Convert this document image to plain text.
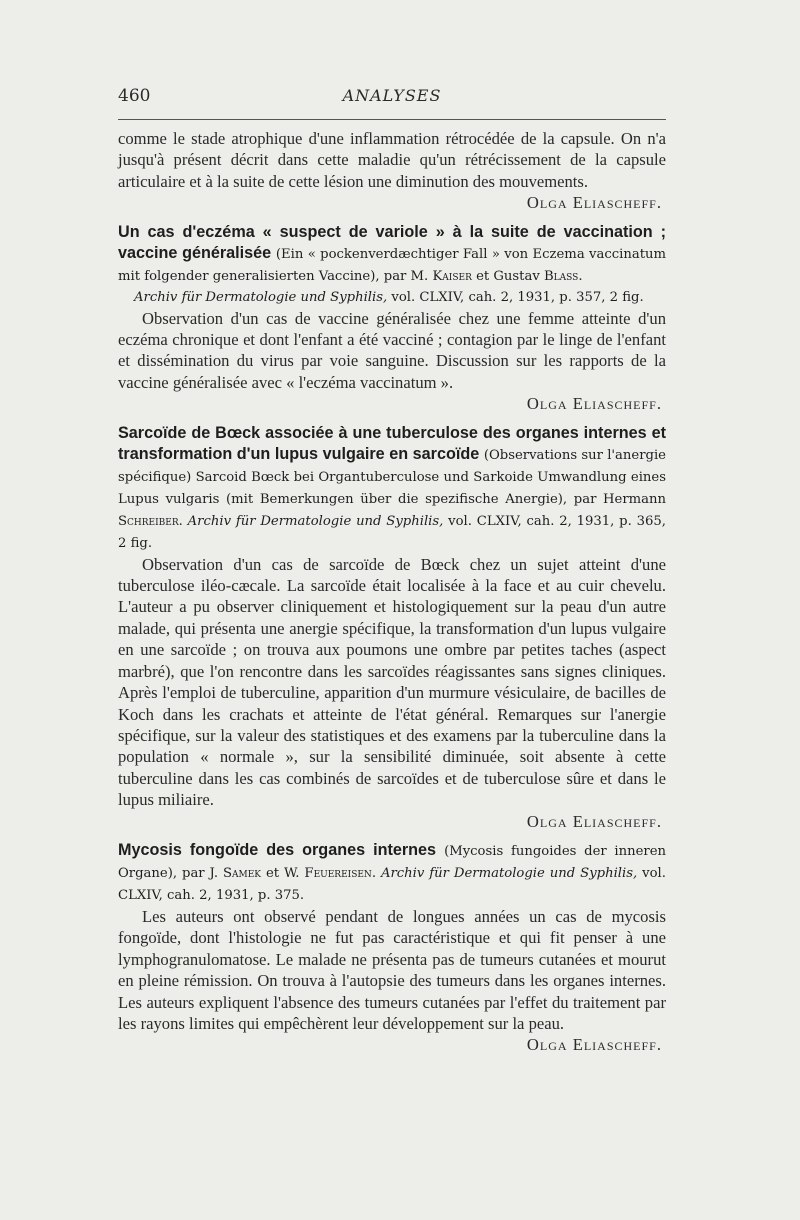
460	ANALYSES

comme le stade atrophique d'une inflammation rétrocédée de la capsule. On n'a jusqu'à présent décrit dans cette maladie qu'un rétrécissement de la capsule articulaire et à la suite de cette lésion une diminution des mouvements.

Olga Eliascheff.

Un cas d'eczéma « suspect de variole » à la suite de vaccination ; vaccine généralisée (Ein « pockenverdæchtiger Fall » von Eczema vaccinatum mit folgender generalisierten Vaccine), par M. Kaiser et Gustav Blass.
Archiv für Dermatologie und Syphilis, vol. CLXIV, cah. 2, 1931, p. 357, 2 fig.

Observation d'un cas de vaccine généralisée chez une femme atteinte d'un eczéma chronique et dont l'enfant a été vacciné ; contagion par le linge de l'enfant et dissémination du virus par voie sanguine. Discussion sur les rapports de la vaccine généralisée avec « l'eczéma vaccinatum ».

Olga Eliascheff.

Sarcoïde de Bœck associée à une tuberculose des organes internes et transformation d'un lupus vulgaire en sarcoïde (Observations sur l'anergie spécifique) Sarcoid Bœck bei Organtuberculose und Sarkoide Umwandlung eines Lupus vulgaris (mit Bemerkungen über die spezifische Anergie), par Hermann Schreiber. Archiv für Dermatologie und Syphilis, vol. CLXIV, cah. 2, 1931, p. 365, 2 fig.

Observation d'un cas de sarcoïde de Bœck chez un sujet atteint d'une tuberculose iléo-cæcale. La sarcoïde était localisée à la face et au cuir chevelu. L'auteur a pu observer cliniquement et histologiquement sur la peau d'un autre malade, qui présenta une anergie spécifique, la transformation d'un lupus vulgaire en une sarcoïde ; on trouva aux poumons une ombre par petites taches (aspect marbré), que l'on rencontre dans les sarcoïdes réagissantes sans signes cliniques. Après l'emploi de tuberculine, apparition d'un murmure vésiculaire, de bacilles de Koch dans les crachats et atteinte de l'état général. Remarques sur l'anergie spécifique, sur la valeur des statistiques et des examens par la tuberculine dans la population « normale », sur la sensibilité diminuée, soit absente à cette tuberculine dans les cas combinés de sarcoïdes et de tuberculose sûre et dans le lupus miliaire.

Olga Eliascheff.

Mycosis fongoïde des organes internes (Mycosis fungoides der inneren Organe), par J. Samek et W. Feuereisen. Archiv für Dermatologie und Syphilis, vol. CLXIV, cah. 2, 1931, p. 375.

Les auteurs ont observé pendant de longues années un cas de mycosis fongoïde, dont l'histologie ne fut pas caractéristique et qui fit penser à une lymphogranulomatose. Le malade ne présenta pas de tumeurs cutanées et mourut en pleine rémission. On trouva à l'autopsie des tumeurs dans les organes internes. Les auteurs expliquent l'absence des tumeurs cutanées par l'effet du traitement par les rayons limites qui empêchèrent leur développement sur la peau.

Olga Eliascheff.
